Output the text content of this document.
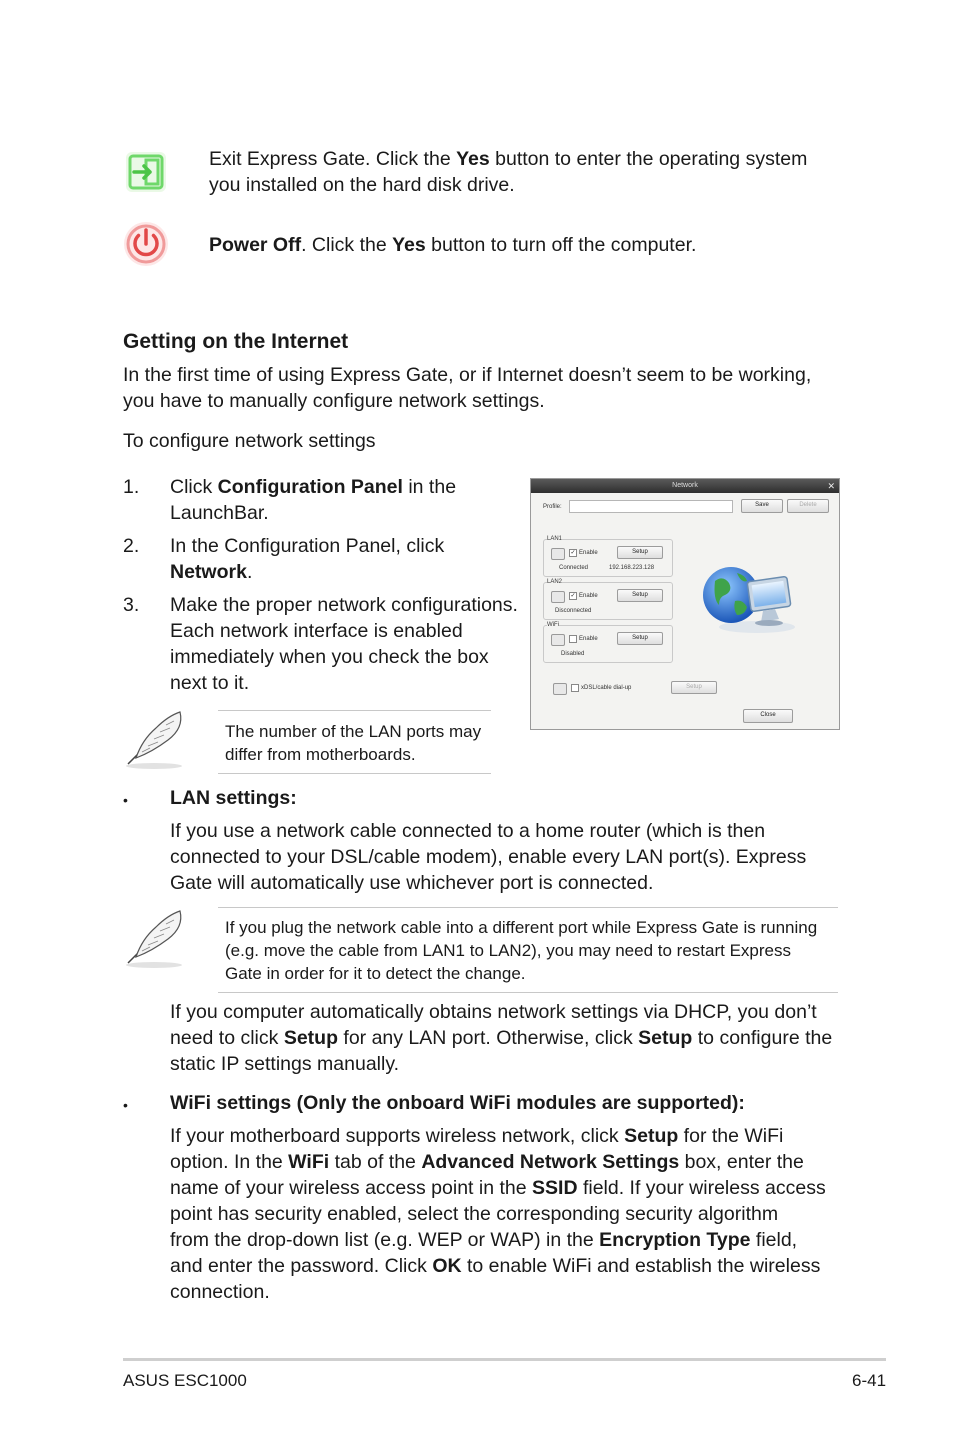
Exit Express Gate. Click the Yes button to enter the operating system

you installed on the hard disk drive.

Power Off. Click the Yes button to turn off the computer.

Getting on the Internet

In the first time of using Express Gate, or if Internet doesn’t seem to be working,

you have to manually configure network settings.

To configure network settings

1. Click Configuration Panel in the

LaunchBar.

2. In the Configuration Panel, click

Network.

3. Make the proper network configurations.

Each network interface is enabled

immediately when you check the box

next to it.

Network	✕
Profile:	Save	Delete
LAN1
✓ Enable	Setup
Connected	192.168.223.128
LAN2
✓ Enable	Setup
Disconnected
WiFi
Enable	Setup
Disabled
xDSL/cable dial-up	Setup
Close

The number of the LAN ports may

differ from motherboards.

• LAN settings:

If you use a network cable connected to a home router (which is then

connected to your DSL/cable modem), enable every LAN port(s). Express

Gate will automatically use whichever port is connected.

If you plug the network cable into a different port while Express Gate is running

(e.g. move the cable from LAN1 to LAN2), you may need to restart Express

Gate in order for it to detect the change.

If you computer automatically obtains network settings via DHCP, you don’t

need to click Setup for any LAN port. Otherwise, click Setup to configure the

static IP settings manually.

• WiFi settings (Only the onboard WiFi modules are supported):

If your motherboard supports wireless network, click Setup for the WiFi

option. In the WiFi tab of the Advanced Network Settings box, enter the

name of your wireless access point in the SSID field. If your wireless access

point has security enabled, select the corresponding security algorithm

from the drop-down list (e.g. WEP or WAP) in the Encryption Type field,

and enter the password. Click OK to enable WiFi and establish the wireless

connection.

ASUS ESC1000	6-41
